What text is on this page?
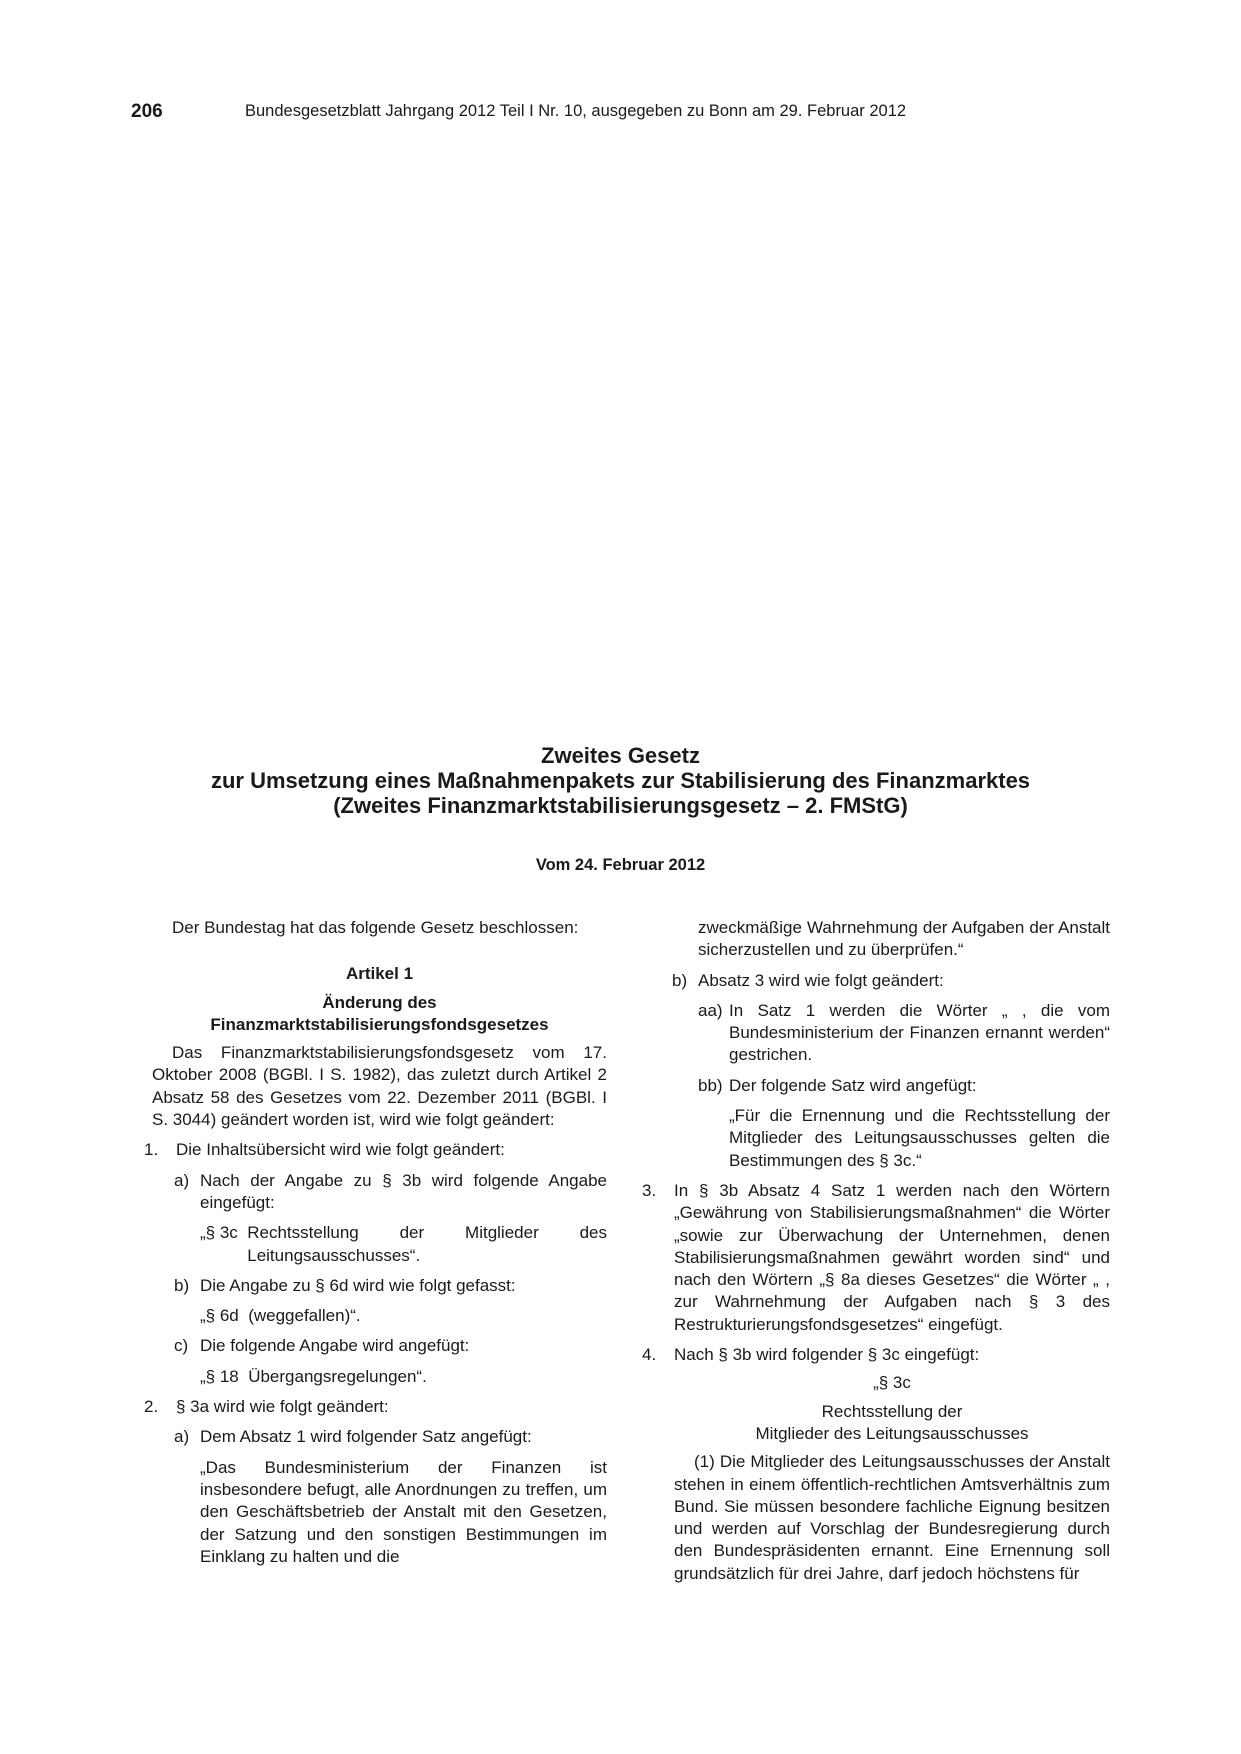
206	Bundesgesetzblatt Jahrgang 2012 Teil I Nr. 10, ausgegeben zu Bonn am 29. Februar 2012
Zweites Gesetz
zur Umsetzung eines Maßnahmenpakets zur Stabilisierung des Finanzmarktes
(Zweites Finanzmarktstabilisierungsgesetz – 2. FMStG)
Vom 24. Februar 2012

Der Bundestag hat das folgende Gesetz beschlossen:

Artikel 1

Änderung des

Finanzmarktstabilisierungsfondsgesetzes

Das Finanzmarktstabilisierungsfondsgesetz vom 17. Oktober 2008 (BGBl. I S. 1982), das zuletzt durch Artikel 2 Absatz 58 des Gesetzes vom 22. Dezember 2011 (BGBl. I S. 3044) geändert worden ist, wird wie folgt geändert:

1.	Die Inhaltsübersicht wird wie folgt geändert:
a) Nach der Angabe zu § 3b wird folgende Angabe eingefügt:
„§ 3c Rechtsstellung der Mitglieder des Leitungsausschusses“.
b) Die Angabe zu § 6d wird wie folgt gefasst:

„§ 6d  (weggefallen)“.

c) Die folgende Angabe wird angefügt:

„§ 18  Übergangsregelungen“.

2.	§ 3a wird wie folgt geändert:
a) Dem Absatz 1 wird folgender Satz angefügt:

„Das Bundesministerium der Finanzen ist insbesondere befugt, alle Anordnungen zu treffen, um den Geschäftsbetrieb der Anstalt mit den Gesetzen, der Satzung und den sonstigen Bestimmungen im Einklang zu halten und die

zweckmäßige Wahrnehmung der Aufgaben der Anstalt sicherzustellen und zu überprüfen.“

b) Absatz 3 wird wie folgt geändert:
aa) In Satz 1 werden die Wörter „ , die vom Bundesministerium der Finanzen ernannt werden“ gestrichen.
bb) Der folgende Satz wird angefügt:

„Für die Ernennung und die Rechtsstellung der Mitglieder des Leitungsausschusses gelten die Bestimmungen des § 3c.“

3.	In § 3b Absatz 4 Satz 1 werden nach den Wörtern „Gewährung von Stabilisierungsmaßnahmen“ die Wörter „sowie zur Überwachung der Unternehmen, denen Stabilisierungsmaßnahmen gewährt worden sind“ und nach den Wörtern „§ 8a dieses Gesetzes“ die Wörter „ , zur Wahrnehmung der Aufgaben nach § 3 des Restrukturierungsfondsgesetzes“ eingefügt.
4.	Nach § 3b wird folgender § 3c eingefügt:

„§ 3c

Rechtsstellung der

Mitglieder des Leitungsausschusses

(1) Die Mitglieder des Leitungsausschusses der Anstalt stehen in einem öffentlich-rechtlichen Amtsverhältnis zum Bund. Sie müssen besondere fachliche Eignung besitzen und werden auf Vorschlag der Bundesregierung durch den Bundespräsidenten ernannt. Eine Ernennung soll grundsätzlich für drei Jahre, darf jedoch höchstens für
